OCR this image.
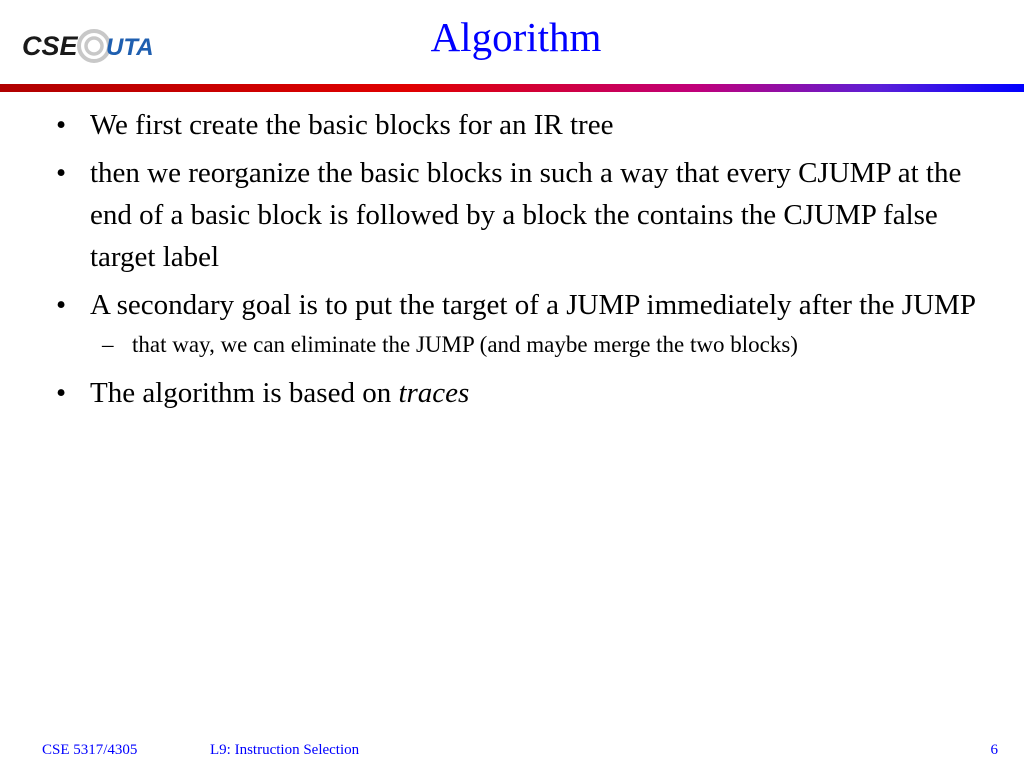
CSE UTA	Algorithm
• We first create the basic blocks for an IR tree
• then we reorganize the basic blocks in such a way that every CJUMP at the end of a basic block is followed by a block the contains the CJUMP false target label
• A secondary goal is to put the target of a JUMP immediately after the JUMP
– that way, we can eliminate the JUMP (and maybe merge the two blocks)
• The algorithm is based on traces
CSE 5317/4305	L9: Instruction Selection	6
